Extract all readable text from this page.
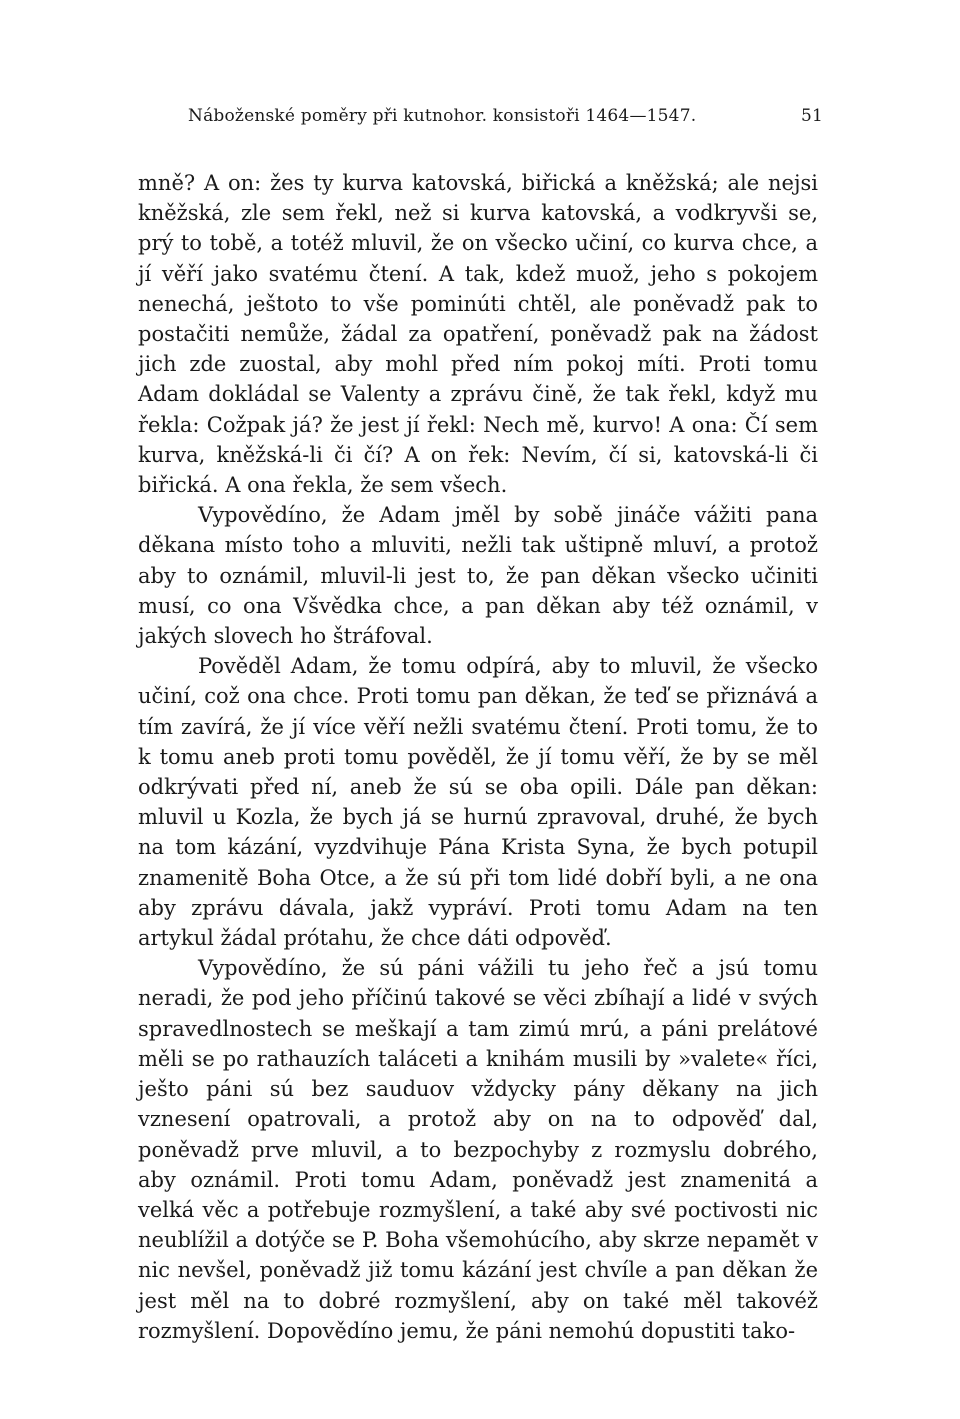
Náboženské poměry při kutnohor. konsistoři 1464—1547.	51

mně? A on: žes ty kurva katovská, biřická a kněžská; ale nejsi kněžská, zle sem řekl, než si kurva katovská, a vodkryvši se, prý to tobě, a totéž mluvil, že on všecko učiní, co kurva chce, a jí věří jako svatému čtení. A tak, kdež muož, jeho s pokojem nenechá, ještoto to vše pominúti chtěl, ale poněvadž pak to postačiti nemůže, žádal za opatření, poněvadž pak na žádost jich zde zuostal, aby mohl před ním pokoj míti. Proti tomu Adam dokládal se Valenty a zprávu čině, že tak řekl, když mu řekla: Cožpak já? že jest jí řekl: Nech mě, kurvo! A ona: Čí sem kurva, kněžská-li či čí? A on řek: Nevím, čí si, katovská-li či biřická. A ona řekla, že sem všech.

Vypovědíno, že Adam jměl by sobě jináče vážiti pana děkana místo toho a mluviti, nežli tak uštipně mluví, a protož aby to oznámil, mluvil-li jest to, že pan děkan všecko učiniti musí, co ona Všvědka chce, a pan děkan aby též oznámil, v jakých slovech ho štráfoval.

Pověděl Adam, že tomu odpírá, aby to mluvil, že všecko učiní, což ona chce. Proti tomu pan děkan, že teď se přiznává a tím zavírá, že jí více věří nežli svatému čtení. Proti tomu, že to k tomu aneb proti tomu pověděl, že jí tomu věří, že by se měl odkrývati před ní, aneb že sú se oba opili. Dále pan děkan: mluvil u Kozla, že bych já se hurnú zpravoval, druhé, že bych na tom kázání, vyzdvihuje Pána Krista Syna, že bych potupil znamenitě Boha Otce, a že sú při tom lidé dobří byli, a ne ona aby zprávu dávala, jakž vypráví. Proti tomu Adam na ten artykul žádal prótahu, že chce dáti odpověď.

Vypovědíno, že sú páni vážili tu jeho řeč a jsú tomu neradi, že pod jeho příčinú takové se věci zbíhají a lidé v svých spravedlnostech se meškají a tam zimú mrú, a páni prelátové měli se po rathauzích taláceti a knihám musili by »valete« říci, ješto páni sú bez sauduov vždycky pány děkany na jich vznesení opatrovali, a protož aby on na to odpověď dal, poněvadž prve mluvil, a to bezpochyby z rozmyslu dobrého, aby oznámil. Proti tomu Adam, poněvadž jest znamenitá a velká věc a potřebuje rozmyšlení, a také aby své poctivosti nic neublížil a dotýče se P. Boha všemohúcího, aby skrze nepamět v nic nevšel, poněvadž již tomu kázání jest chvíle a pan děkan že jest měl na to dobré rozmyšlení, aby on také měl takovéž rozmyšlení. Dopovědíno jemu, že páni nemohú dopustiti tako-
